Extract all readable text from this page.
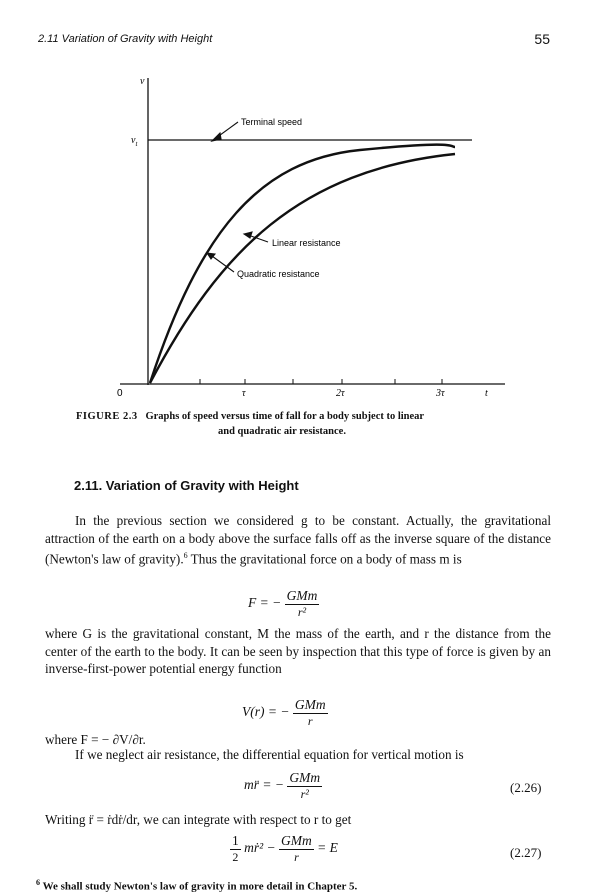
2.11 Variation of Gravity with Height	55
v
$v_t$
Terminal speed
Linear resistance
Quadratic resistance
0	τ	2τ	3τ	t
FIGURE 2.3 Graphs of speed versus time of fall for a body subject to linear
and quadratic air resistance.
2.11. Variation of Gravity with Height
In the previous section we considered g to be constant. Actually, the gravitational attraction of the earth on a body above the surface falls off as the inverse square of the distance (Newton's law of gravity).$^6$ Thus the gravitational force on a body of mass m is
F = − $\frac{\text{GMm}}{\text{r²}}$
where G is the gravitational constant, M the mass of the earth, and r the distance from the center of the earth to the body. It can be seen by inspection that this type of force is given by an inverse-first-power potential energy function
V(r) = − $\frac{\text{GMm}}{r}$
where F = − ∂V/∂r.
If we neglect air resistance, the differential equation for vertical motion is
mr̈ = − $\frac{\text{GMm}}{\text{r²}}$	(2.26)
Writing r̈ = ṙdṙ/dr, we can integrate with respect to r to get
$\frac{1}{2}$ mṙ² − $\frac{\text{GMm}}{r} = E$	(2.27)
$^6$ We shall study Newton's law of gravity in more detail in Chapter 5.
